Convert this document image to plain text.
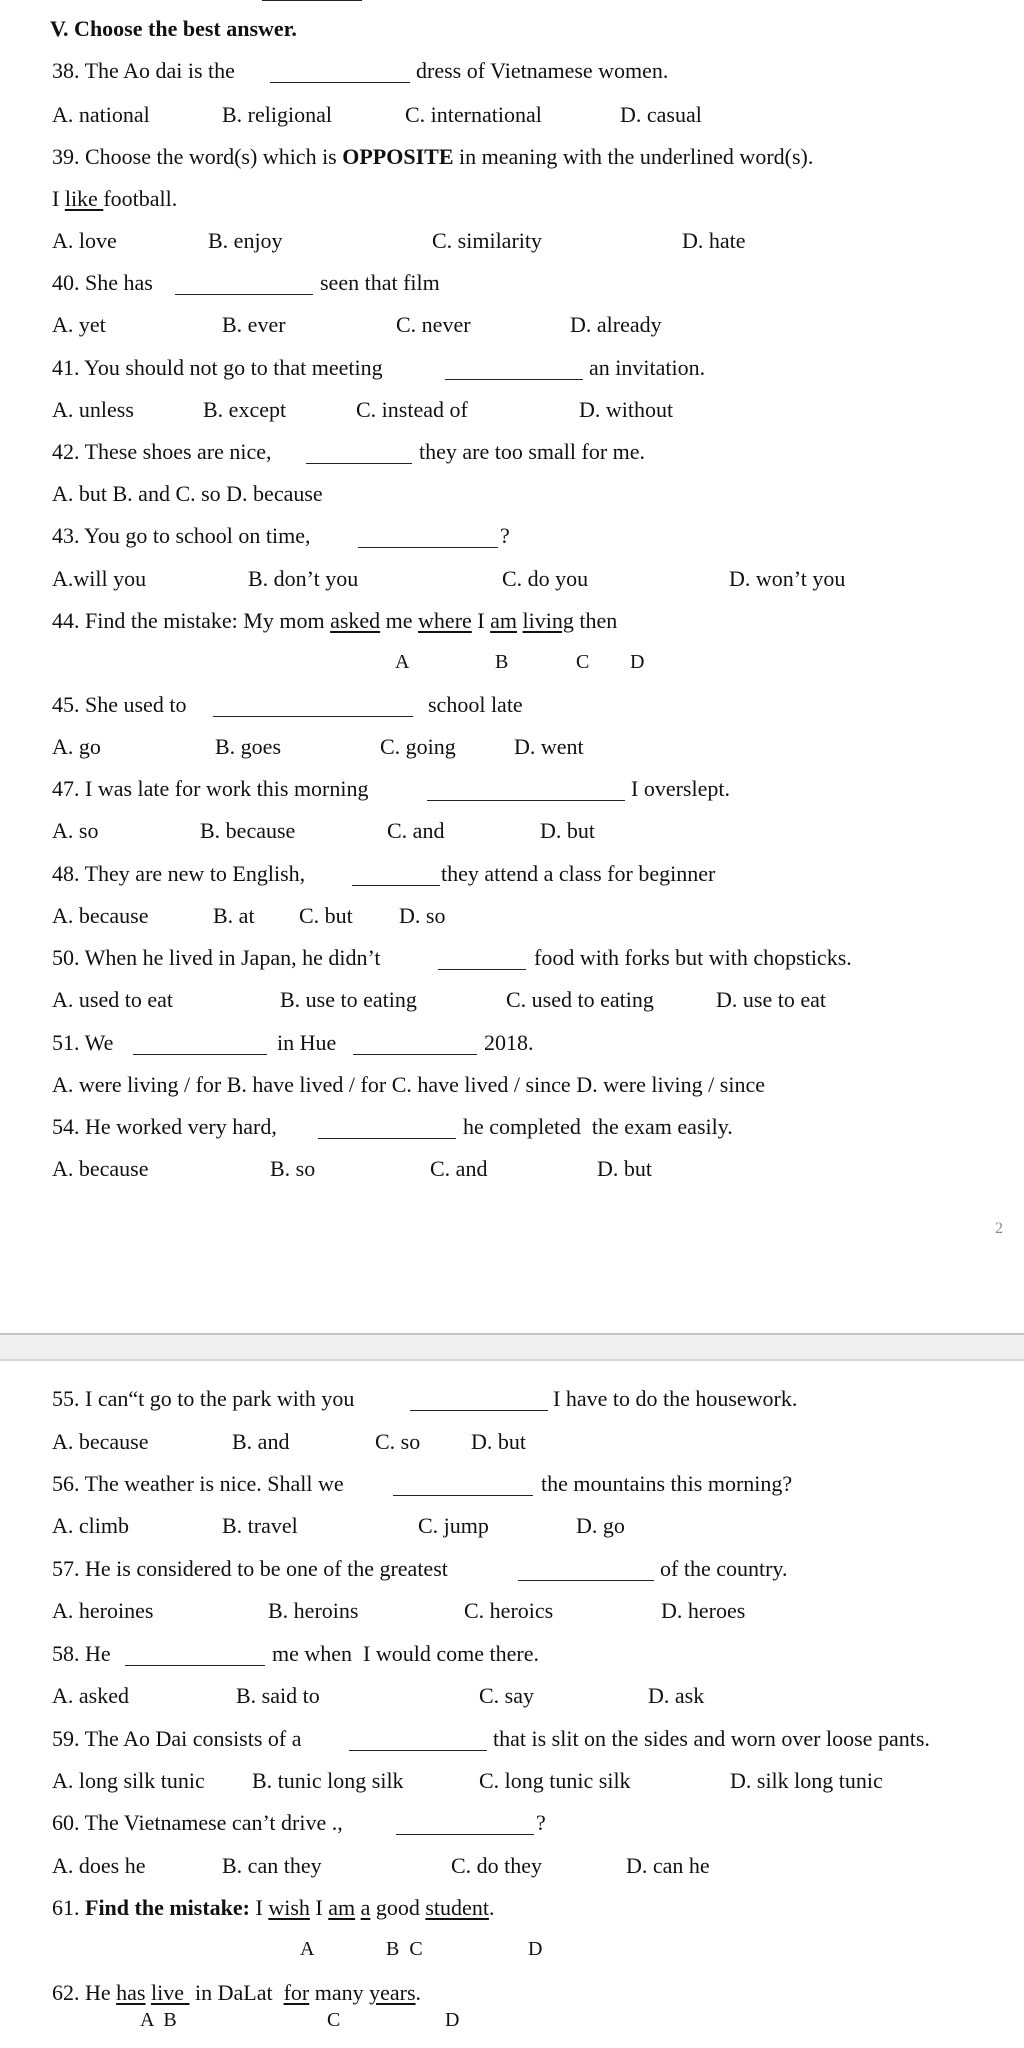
V. Choose the best answer.
38. The Ao dai is the	dress of Vietnamese women.
A. national	B. religional	C. international	D. casual
39. Choose the word(s) which is OPPOSITE in meaning with the underlined word(s).
I like football.
A. love	B. enjoy	C. similarity	D. hate
40. She has	seen that film
A. yet	B. ever	C. never	D. already
41. You should not go to that meeting	an invitation.
A. unless	B. except	C. instead of	D. without
42. These shoes are nice,	they are too small for me.
A. but B. and C. so D. because
43. You go to school on time,	?
A.will you	B. don’t you	C. do you	D. won’t you
44. Find the mistake: My mom asked me where I am living then
A	B	C D
45. She used to	school late
A. go	B. goes	C. going	D. went
47. I was late for work this morning	I overslept.
A. so	B. because	C. and	D. but
48. They are new to English,	they attend a class for beginner
A. because	B. at C. but D. so
50. When he lived in Japan, he didn’t	food with forks but with chopsticks.
A. used to eat	B. use to eating	C. used to eating	D. use to eat
51. We	in Hue	2018.
A. were living / for B. have lived / for C. have lived / since D. were living / since
54. He worked very hard,	he completed  the exam easily.
A. because	B. so	C. and	D. but
2
55. I can“t go to the park with you	I have to do the housework.
A. because	B. and	C. so D. but
56. The weather is nice. Shall we	the mountains this morning?
A. climb	B. travel	C. jump	D. go
57. He is considered to be one of the greatest	of the country.
A. heroines	B. heroins	C. heroics	D. heroes
58. He	me when  I would come there.
A. asked	B. said to	C. say	D. ask
59. The Ao Dai consists of a	that is slit on the sides and worn over loose pants.
A. long silk tunic B. tunic long silk	C. long tunic silk	D. silk long tunic
60. The Vietnamese can’t drive .,	?
A. does he	B. can they	C. do they	D. can he
61. Find the mistake: I wish I am a good student.
A	B  C	D
62. He has live  in DaLat  for many years.
A  B	C	D
